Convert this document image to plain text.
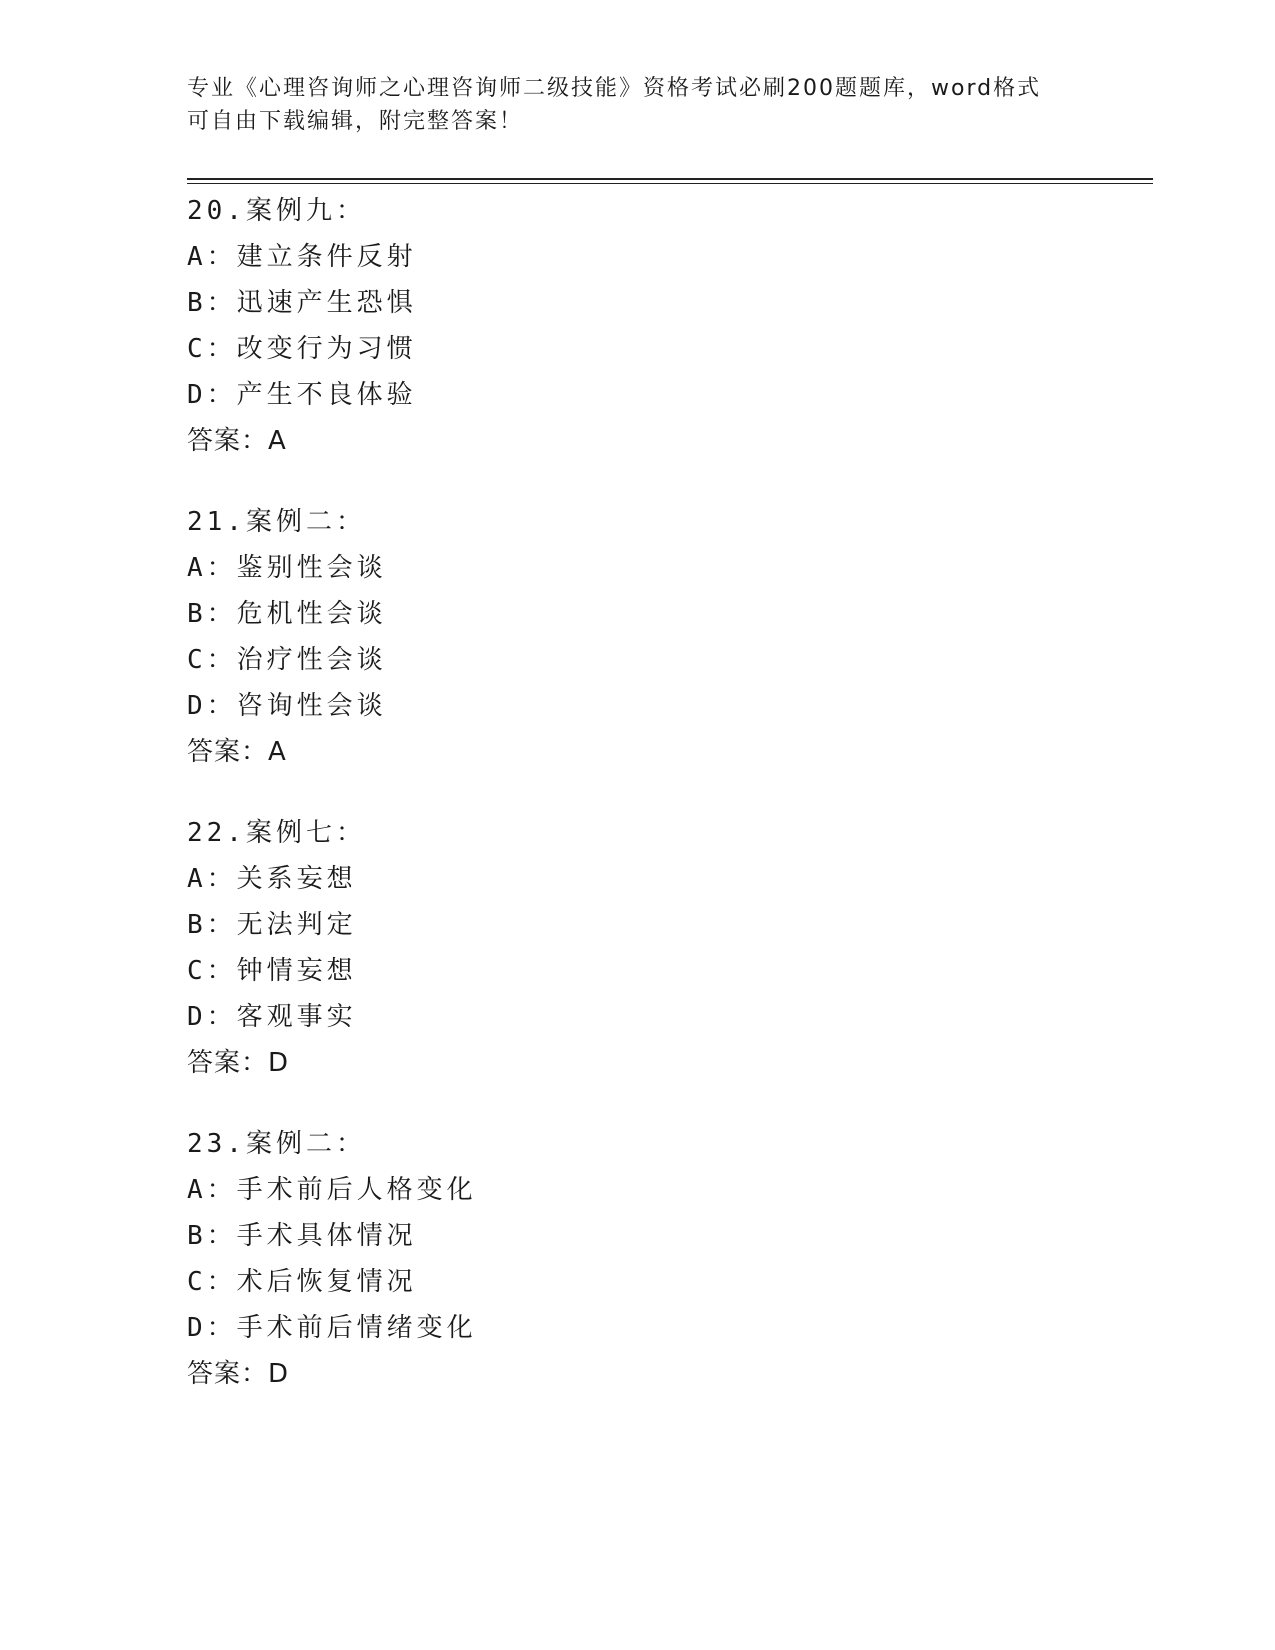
专业《心理咨询师之心理咨询师二级技能》资格考试必刷200题题库，word格式
可自由下载编辑，附完整答案！
20.案例九：
A：建立条件反射
B：迅速产生恐惧
C：改变行为习惯
D：产生不良体验
答案：A
21.案例二：
A：鉴别性会谈
B：危机性会谈
C：治疗性会谈
D：咨询性会谈
答案：A
22.案例七：
A：关系妄想
B：无法判定
C：钟情妄想
D：客观事实
答案：D
23.案例二：
A：手术前后人格变化
B：手术具体情况
C：术后恢复情况
D：手术前后情绪变化
答案：D
